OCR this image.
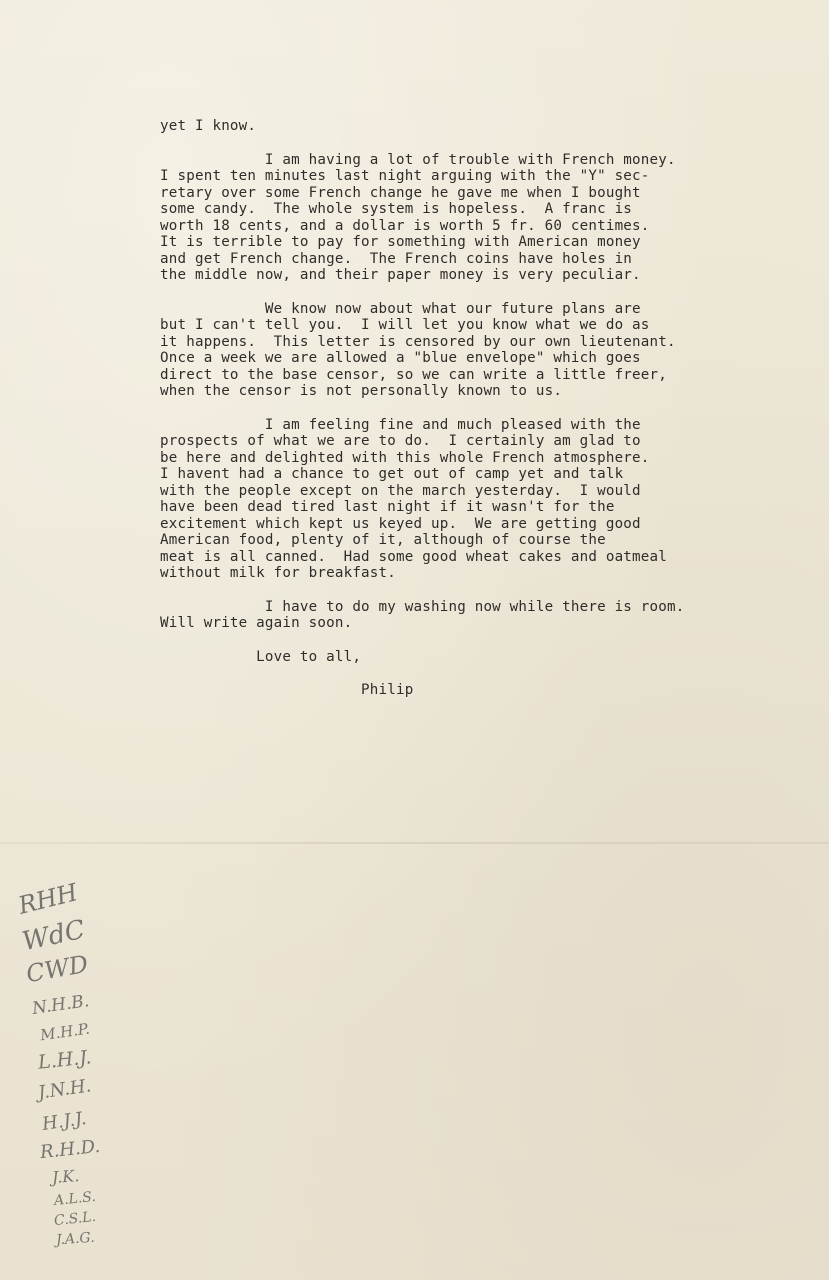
yet I know.

I am having a lot of trouble with French money.

I spent ten minutes last night arguing with the "Y" sec-

retary over some French change he gave me when I bought

some candy.  The whole system is hopeless.  A franc is

worth 18 cents, and a dollar is worth 5 fr. 60 centimes.

It is terrible to pay for something with American money

and get French change.  The French coins have holes in

the middle now, and their paper money is very peculiar.

We know now about what our future plans are

but I can't tell you.  I will let you know what we do as

it happens.  This letter is censored by our own lieutenant.

Once a week we are allowed a "blue envelope" which goes

direct to the base censor, so we can write a little freer,

when the censor is not personally known to us.

I am feeling fine and much pleased with the

prospects of what we are to do.  I certainly am glad to

be here and delighted with this whole French atmosphere.

I havent had a chance to get out of camp yet and talk

with the people except on the march yesterday.  I would

have been dead tired last night if it wasn't for the

excitement which kept us keyed up.  We are getting good

American food, plenty of it, although of course the

meat is all canned.  Had some good wheat cakes and oatmeal

without milk for breakfast.

I have to do my washing now while there is room.

Will write again soon.

Love to all,

Philip

RHH
WdC
CWD
N.H.B.
M.H.P.
L.H.J.
J.N.H.
H.J.J.
R.H.D.
J.K.
A.L.S.
C.S.L.
J.A.G.
